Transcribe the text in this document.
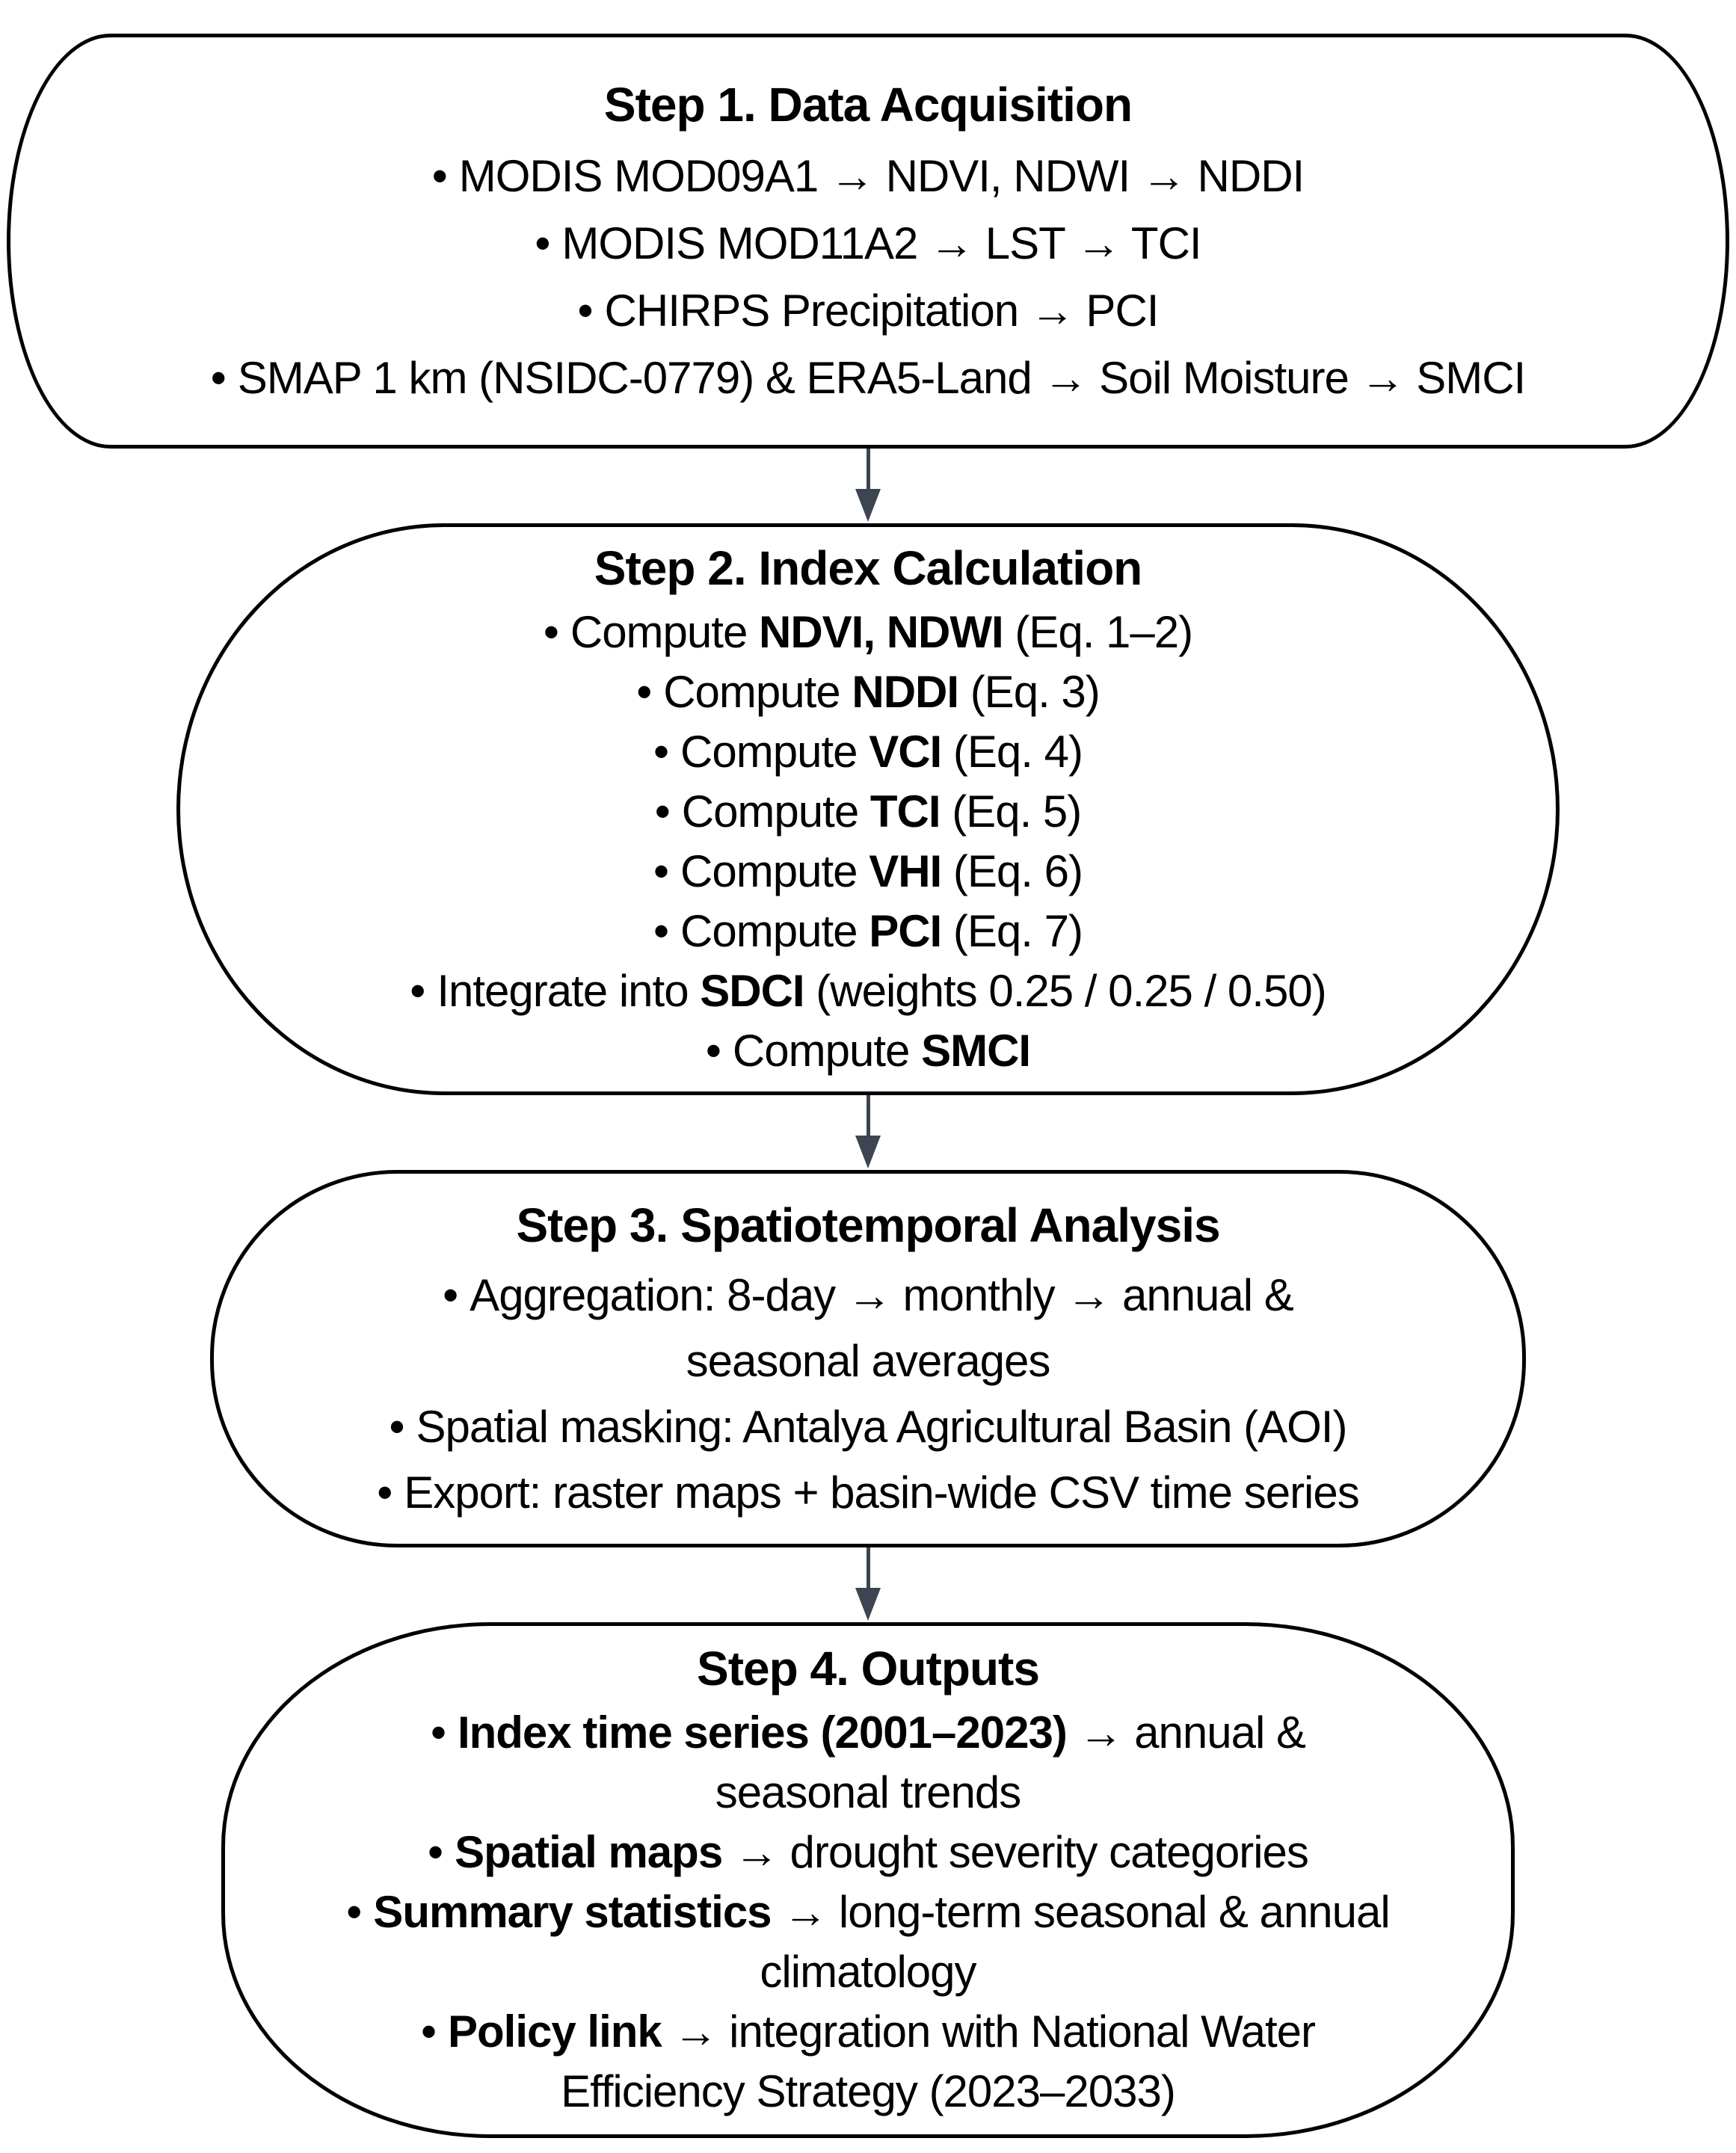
Step 1. Data Acquisition
• MODIS MOD09A1 → NDVI, NDWI → NDDI
• MODIS MOD11A2 → LST → TCI
• CHIRPS Precipitation → PCI
• SMAP 1 km (NSIDC-0779) & ERA5-Land → Soil Moisture → SMCI
Step 2. Index Calculation
• Compute NDVI, NDWI (Eq. 1–2)
• Compute NDDI (Eq. 3)
• Compute VCI (Eq. 4)
• Compute TCI (Eq. 5)
• Compute VHI (Eq. 6)
• Compute PCI (Eq. 7)
• Integrate into SDCI (weights 0.25 / 0.25 / 0.50)
• Compute SMCI
Step 3. Spatiotemporal Analysis
• Aggregation: 8-day → monthly → annual &
seasonal averages
• Spatial masking: Antalya Agricultural Basin (AOI)
• Export: raster maps + basin-wide CSV time series
Step 4. Outputs
• Index time series (2001–2023) → annual &
seasonal trends
• Spatial maps → drought severity categories
• Summary statistics → long-term seasonal & annual
climatology
• Policy link → integration with National Water
Efficiency Strategy (2023–2033)
